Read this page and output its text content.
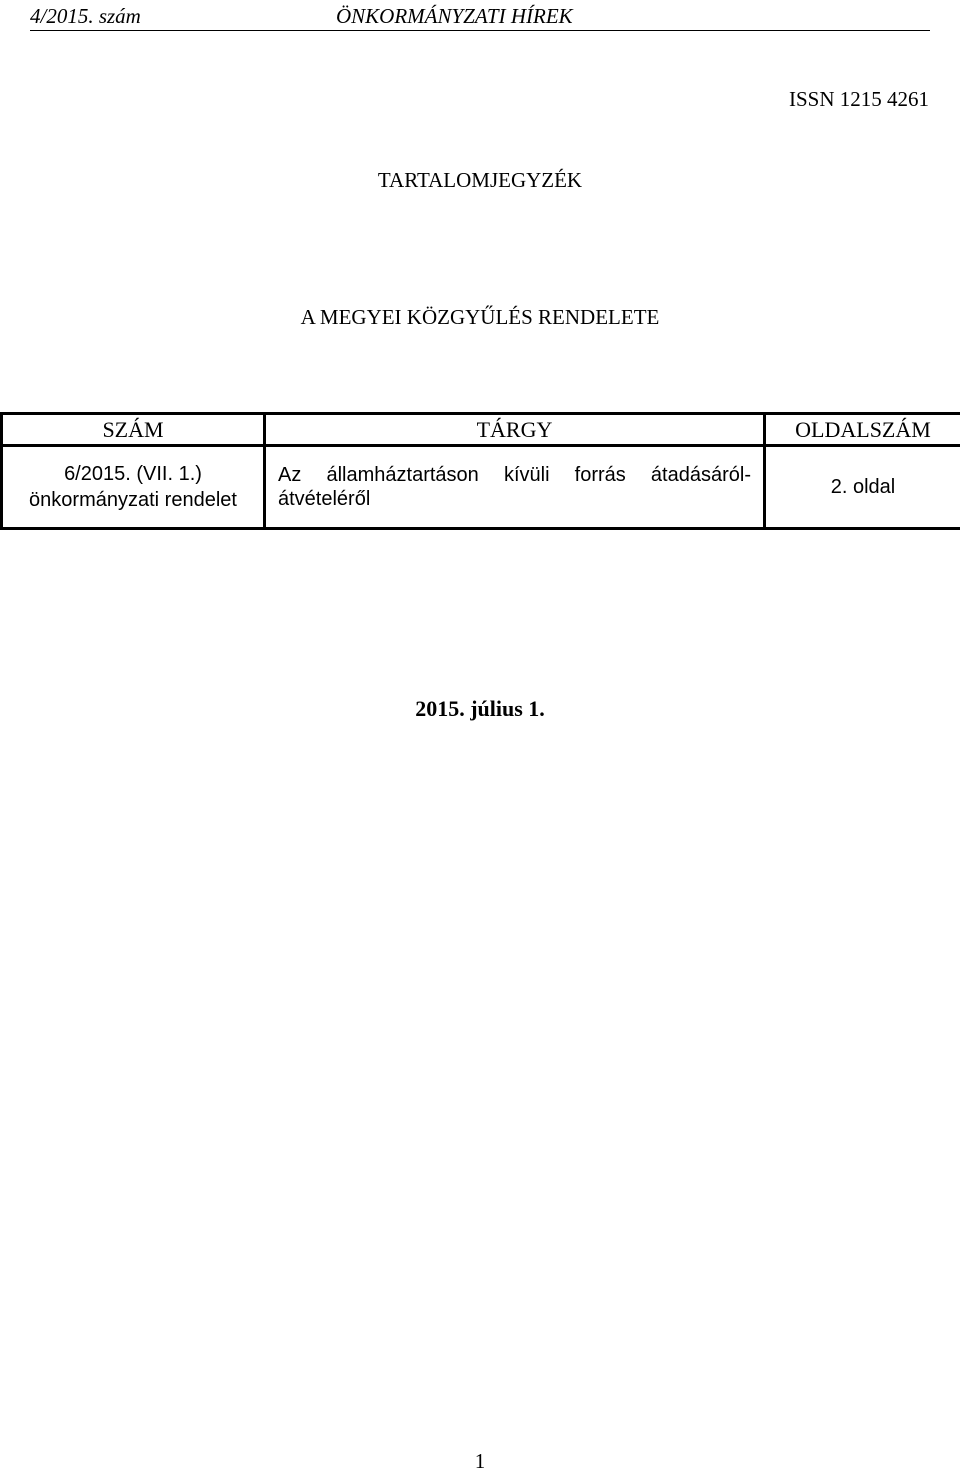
4/2015. szám	ÖNKORMÁNYZATI HÍREK
ISSN 1215 4261
TARTALOMJEGYZÉK
A MEGYEI KÖZGYŰLÉS RENDELETE
SZÁM	TÁRGY	OLDALSZÁM
6/2015. (VII. 1.)
önkormányzati rendelet	Az államháztartáson kívüli forrás átadásáról-átvételéről	2. oldal
2015. július 1.
1
